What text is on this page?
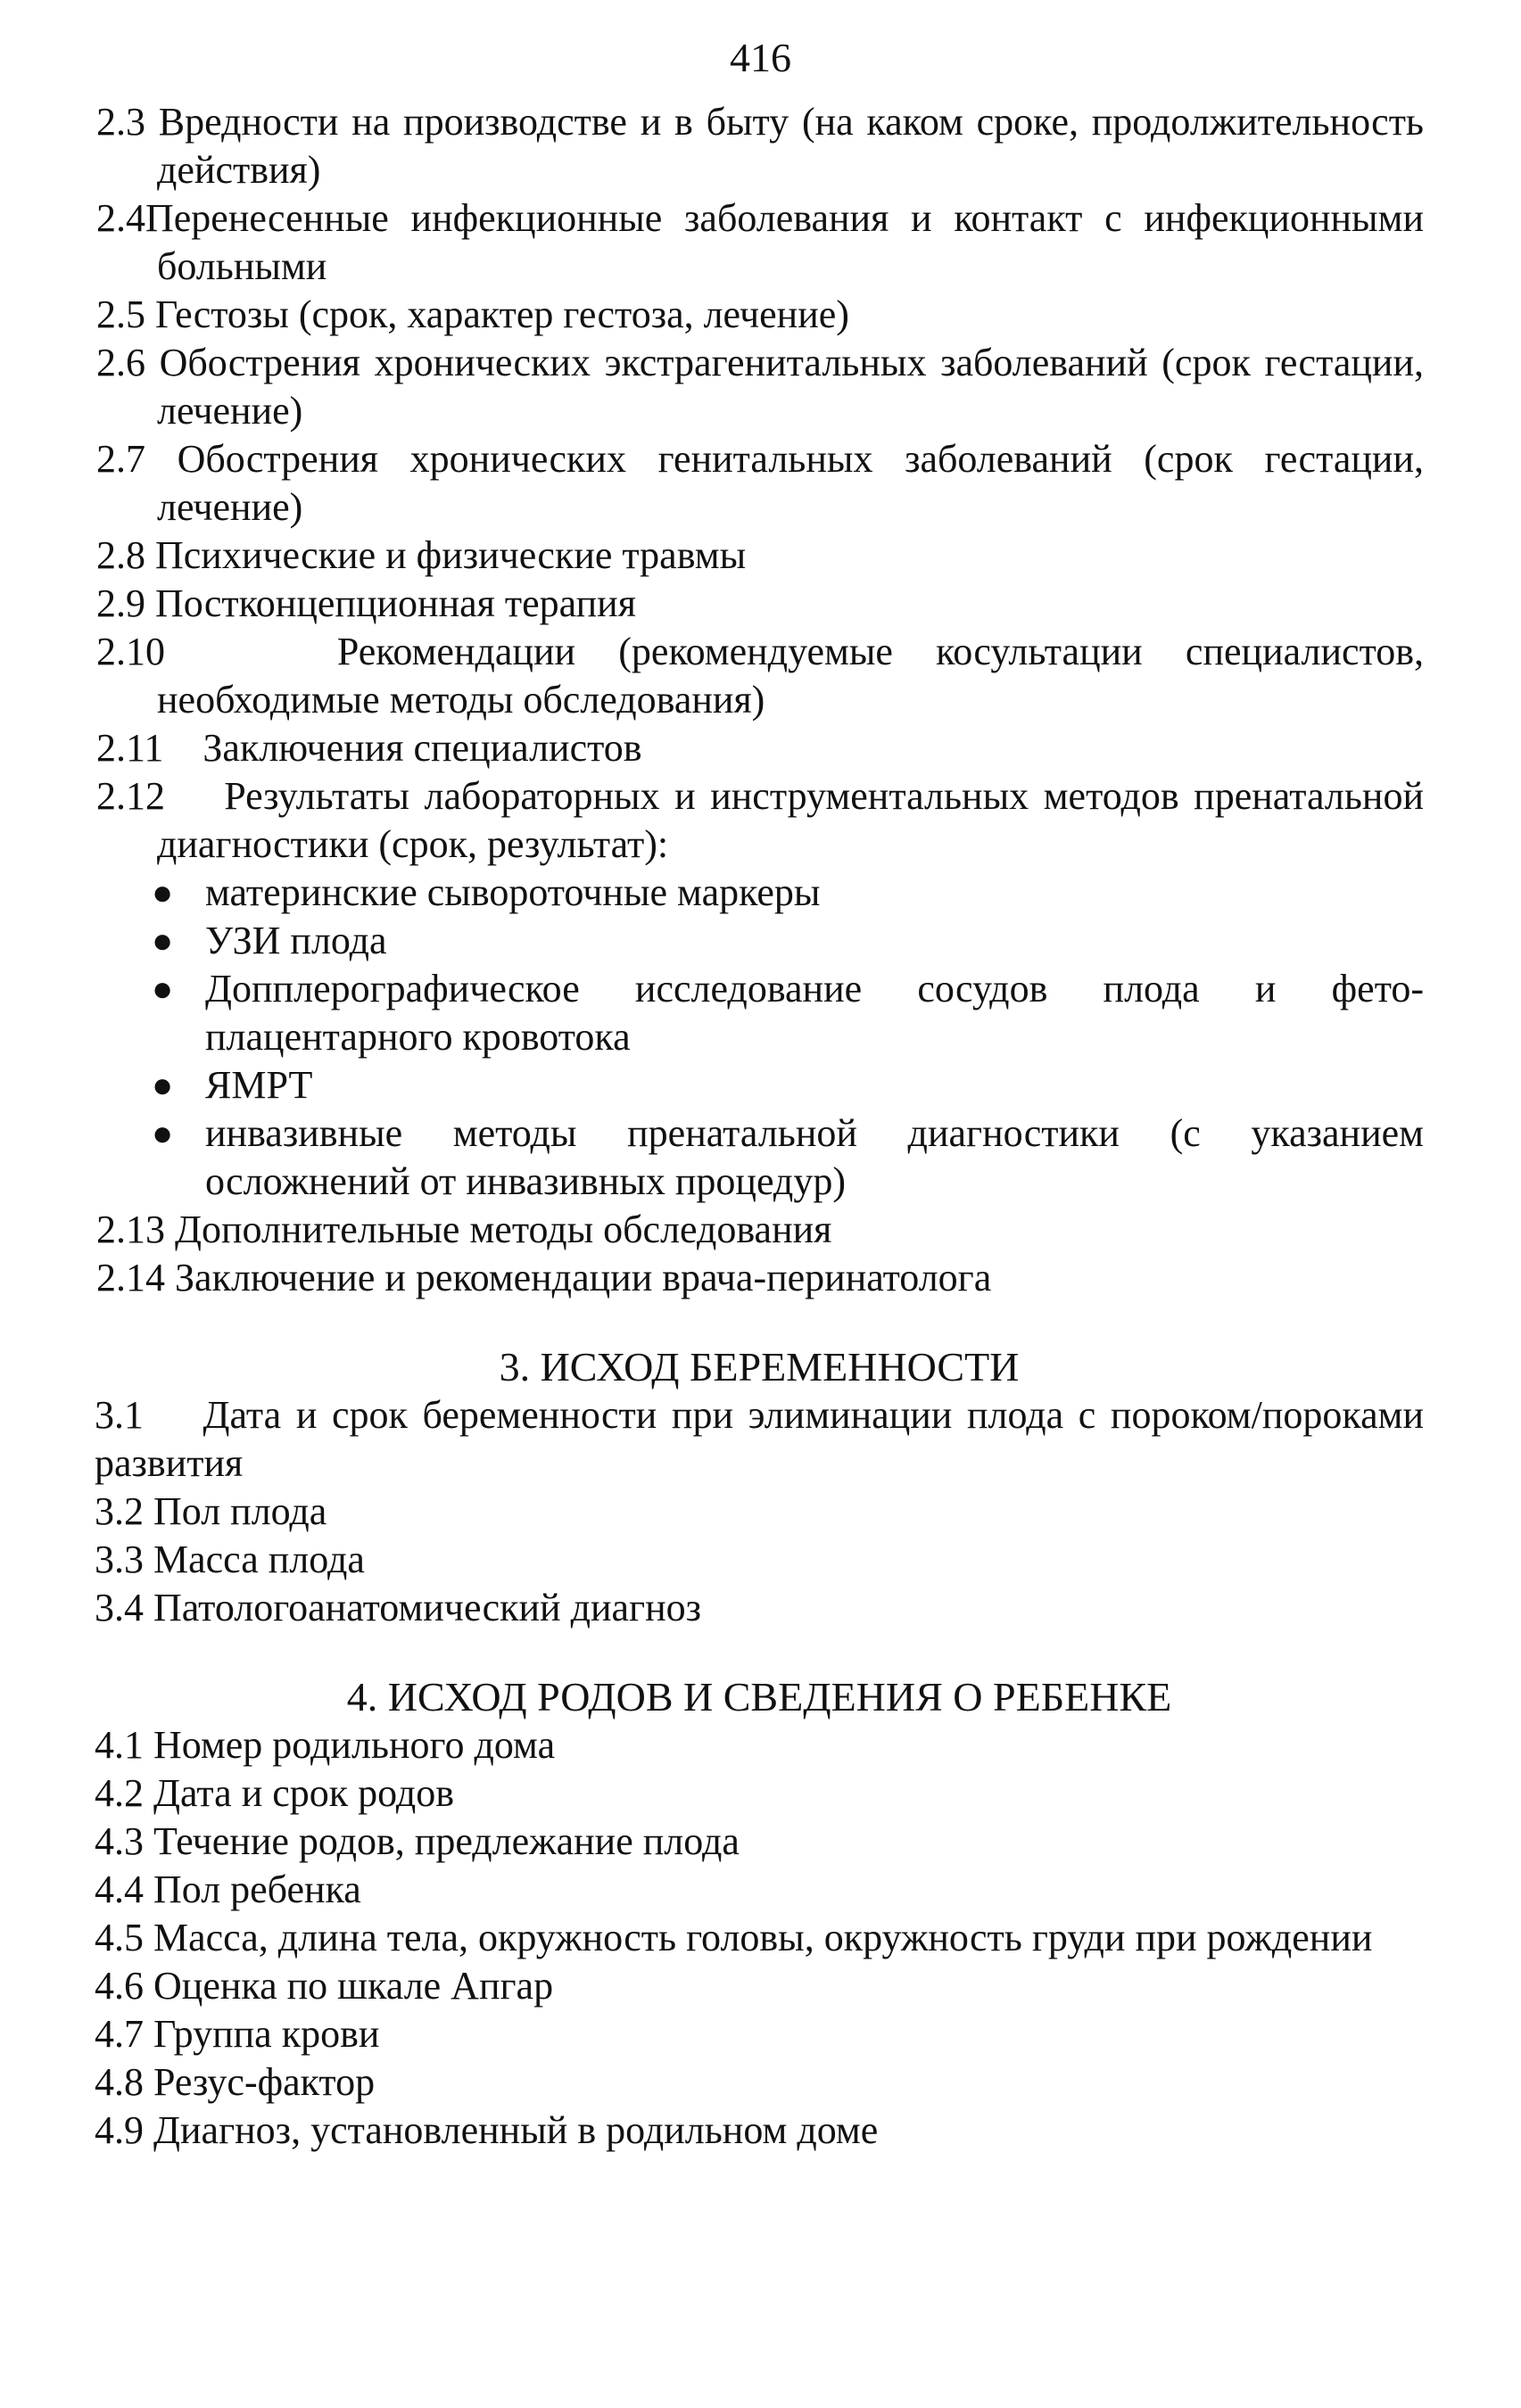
416
2.3 Вредности на производстве и в быту (на каком сроке, продолжительность действия)
2.4Перенесенные инфекционные заболевания и контакт с инфекционными больными
2.5 Гестозы (срок, характер гестоза, лечение)
2.6 Обострения хронических экстрагенитальных заболеваний (срок гестации, лечение)
2.7 Обострения хронических генитальных заболеваний (срок гестации, лечение)
2.8 Психические и физические травмы
2.9 Постконцепционная терапия
2.10	Рекомендации (рекомендуемые косультации специалистов, необходимые методы обследования)
2.11 Заключения специалистов
2.12 Результаты лабораторных и инструментальных методов пренатальной диагностики (срок, результат):
● материнские сывороточные маркеры
● УЗИ плода
● Допплерографическое исследование сосудов плода и фето-плацентарного кровотока
● ЯМРТ
● инвазивные методы пренатальной диагностики (с указанием осложнений от инвазивных процедур)
2.13 Дополнительные методы обследования
2.14 Заключение и рекомендации врача-перинатолога
3. ИСХОД БЕРЕМЕННОСТИ
3.1 Дата и срок беременности при элиминации плода с пороком/пороками развития
3.2 Пол плода
3.3 Масса плода
3.4 Патологоанатомический диагноз
4. ИСХОД РОДОВ И СВЕДЕНИЯ О РЕБЕНКЕ
4.1 Номер родильного дома
4.2 Дата и срок родов
4.3 Течение родов, предлежание плода
4.4 Пол ребенка
4.5 Масса, длина тела, окружность головы, окружность груди при рождении
4.6 Оценка по шкале Апгар
4.7 Группа крови
4.8 Резус-фактор
4.9 Диагноз, установленный в родильном доме
